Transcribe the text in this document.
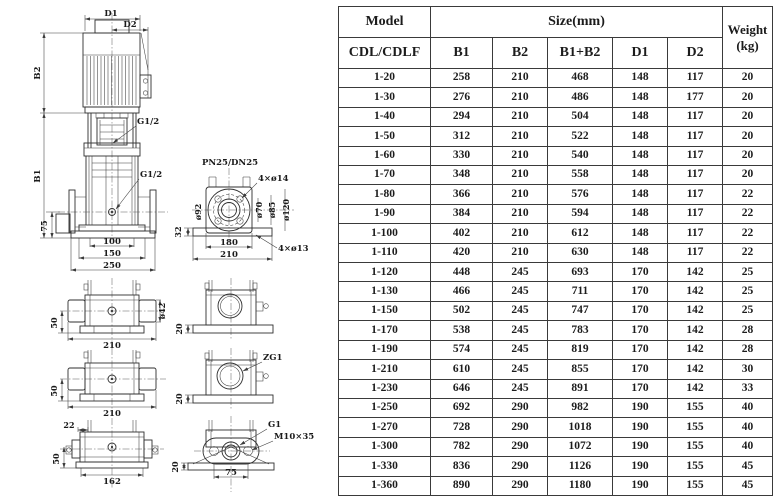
D1
D2
G1/2
G1/2
B2
B1
75
100
150
250
PN25/DN25
4×ø14
ø92	ø70 ø85 ø120
32
180
210
4×ø13
ø42
50
210
50
210
22
50
162
20
ZG1
20
G1
M10×35
20
75
Model	Size(mm)					Weight
(kg)

CDL/CDLF	B1	B2	B1+B2	D1	D2	
1-20	258	210	468	148	117	20
1-30	276	210	486	148	177	20
1-40	294	210	504	148	117	20
1-50	312	210	522	148	117	20
1-60	330	210	540	148	117	20
1-70	348	210	558	148	117	20
1-80	366	210	576	148	117	22
1-90	384	210	594	148	117	22
1-100	402	210	612	148	117	22
1-110	420	210	630	148	117	22
1-120	448	245	693	170	142	25
1-130	466	245	711	170	142	25
1-150	502	245	747	170	142	25
1-170	538	245	783	170	142	28
1-190	574	245	819	170	142	28
1-210	610	245	855	170	142	30
1-230	646	245	891	170	142	33
1-250	692	290	982	190	155	40
1-270	728	290	1018	190	155	40
1-300	782	290	1072	190	155	40
1-330	836	290	1126	190	155	45
1-360	890	290	1180	190	155	45
